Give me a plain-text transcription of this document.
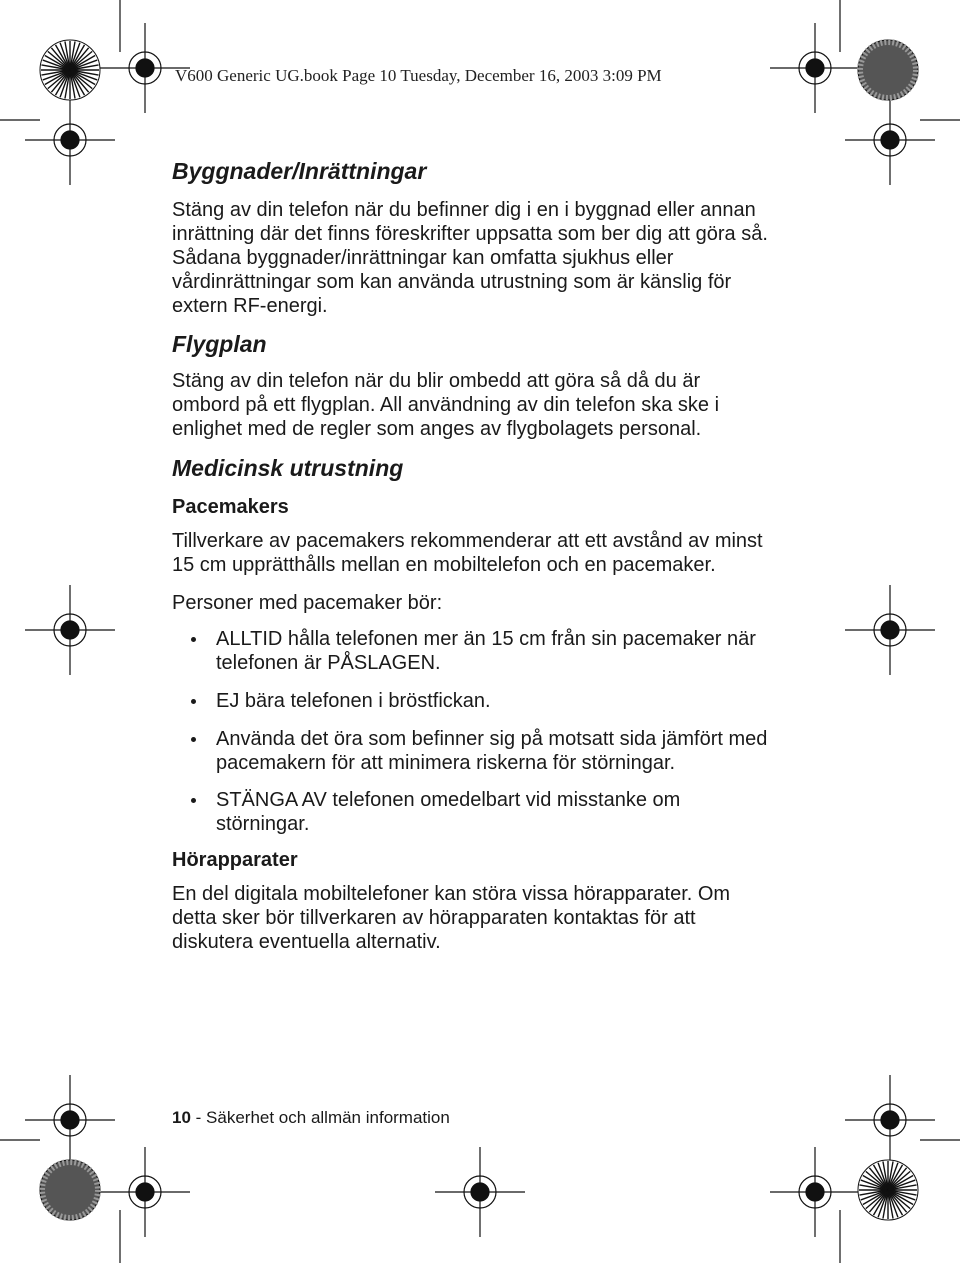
V600 Generic UG.book Page 10 Tuesday, December 16, 2003 3:09 PM
Byggnader/Inrättningar

Stäng av din telefon när du befinner dig i en i byggnad eller annan inrättning där det finns föreskrifter uppsatta som ber dig att göra så. Sådana byggnader/inrättningar kan omfatta sjukhus eller vårdinrättningar som kan använda utrustning som är känslig för extern RF-energi.

Flygplan

Stäng av din telefon när du blir ombedd att göra så då du är ombord på ett flygplan. All användning av din telefon ska ske i enlighet med de regler som anges av flygbolagets personal.

Medicinsk utrustning
Pacemakers

Tillverkare av pacemakers rekommenderar att ett avstånd av minst 15 cm upprätthålls mellan en mobiltelefon och en pacemaker.

Personer med pacemaker bör:

ALLTID hålla telefonen mer än 15 cm från sin pacemaker när telefonen är PÅSLAGEN.
EJ bära telefonen i bröstfickan.
Använda det öra som befinner sig på motsatt sida jämfört med pacemakern för att minimera riskerna för störningar.
STÄNGA AV telefonen omedelbart vid misstanke om störningar.
Hörapparater

En del digitala mobiltelefoner kan störa vissa hörapparater. Om detta sker bör tillverkaren av hörapparaten kontaktas för att diskutera eventuella alternativ.

10 - Säkerhet och allmän information
